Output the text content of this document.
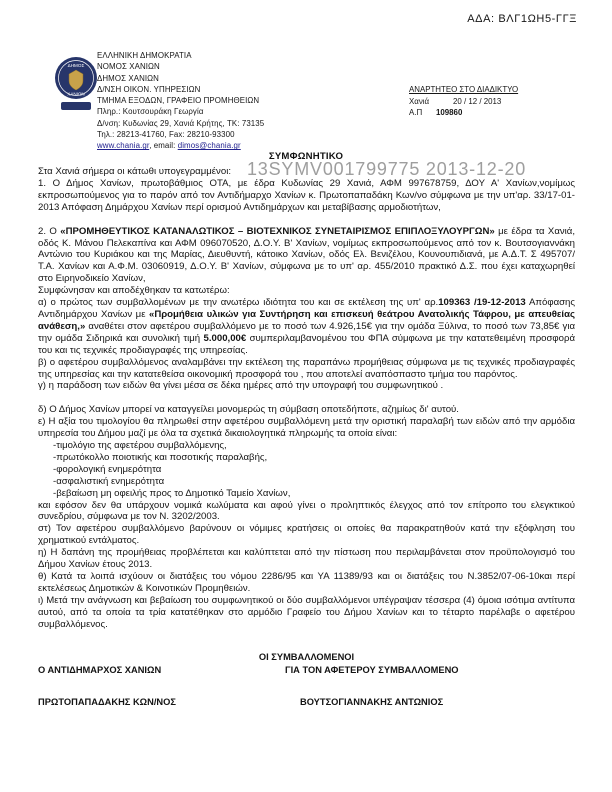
ΑΔΑ: ΒΛΓ1ΩΗ5-ΓΓΞ
ΔΗΜΟΣ
ΧΑΝΙΩΝ
ΕΛΛΗΝΙΚΗ ΔΗΜΟΚΡΑΤΙΑ
ΝΟΜΟΣ ΧΑΝΙΩΝ
ΔΗΜΟΣ ΧΑΝΙΩΝ
Δ/ΝΣΗ ΟΙΚΟΝ. ΥΠΗΡΕΣΙΩΝ
ΤΜΗΜΑ ΕΞΟΔΩΝ, ΓΡΑΦΕΙΟ ΠΡΟΜΗΘΕΙΩΝ
Πληρ.: Κουτσουράκη Γεωργία
Δ/νση: Κυδωνίας 29, Χανιά Κρήτης, ΤΚ: 73135
Τηλ.: 28213-41760, Fax: 28210-93300
www.chania.gr, email: dimos@chania.gr
ΑΝΑΡΤΗΤΕΟ ΣΤΟ ΔΙΑΔΙΚΤΥΟ
Χανιά	20 / 12 / 2013
Α.Π 109860
ΣΥΜΦΩΝΗΤΙΚΟ
13SYMV001799775 2013-12-20
Στα Χανιά σήμερα οι κάτωθι υπογεγραμμένοι:
1. Ο Δήμος Χανίων, πρωτοβάθμιος ΟΤΑ, με έδρα Κυδωνίας 29 Χανιά, ΑΦΜ 997678759, ΔΟΥ Α' Χανίων,νομίμως εκπροσωπούμενος για το παρόν από τον Αντιδήμαρχο Χανίων κ. Πρωτοπαπαδάκη Κων/νο σύμφωνα με την υπ'αρ. 33/17-01-2013 Απόφαση Δημάρχου Χανίων περί ορισμού Αντιδημάρχων και μεταβίβασης αρμοδιοτήτων,
2. Ο «ΠΡΟΜΗΘΕΥΤΙΚΟΣ ΚΑΤΑΝΑΛΩΤΙΚΟΣ – ΒΙΟΤΕΧΝΙΚΟΣ ΣΥΝΕΤΑΙΡΙΣΜΟΣ ΕΠΙΠΛΟΞΥΛΟΥΡΓΩΝ» με έδρα τα Χανιά, οδός Κ. Μάνου Πελεκαπίνα και ΑΦΜ 096070520, Δ.Ο.Υ. Β' Χανίων, νομίμως εκπροσωπούμενος από τον κ. Βουτσογιαννάκη Αντώνιο του Κυριάκου και της Μαρίας, Διευθυντή, κάτοικο Χανίων, οδός Ελ. Βενιζέλου, Κουνουπιδιανά, με Α.Δ.Τ. Σ 495707/Τ.Α. Χανίων και Α.Φ.Μ. 03060919, Δ.Ο.Υ. Β' Χανίων, σύμφωνα με το υπ' αρ. 455/2010 πρακτικό Δ.Σ. που έχει καταχωρηθεί στο Ειρηνοδικείο Χανίων,
Συμφώνησαν και αποδέχθηκαν τα κατωτέρω:
α) ο πρώτος των συμβαλλομένων με την ανωτέρω ιδιότητα του και σε εκτέλεση της υπ' αρ.109363 /19-12-2013 Απόφασης Αντιδημάρχου Χανίων με «Προμήθεια υλικών για Συντήρηση και επισκευή θεάτρου Ανατολικής Τάφρου, με απευθείας ανάθεση,» αναθέτει στον αφετέρου συμβαλλόμενο με το ποσό των 4.926,15€ για την ομάδα Ξύλινα, το ποσό των 73,85€ για την ομάδα Σιδηρικά και συνολική τιμή 5.000,00€ συμπεριλαμβανομένου του ΦΠΑ σύμφωνα με την κατατεθειμένη προσφορά του και τις τεχνικές προδιαγραφές της υπηρεσίας.
β) ο αφετέρου συμβαλλόμενος αναλαμβάνει την εκτέλεση της παραπάνω προμήθειας σύμφωνα με τις τεχνικές προδιαγραφές της υπηρεσίας και την κατατεθείσα οικονομική προσφορά του , που αποτελεί αναπόσπαστο τμήμα του παρόντος.
γ) η παράδοση των ειδών θα γίνει μέσα σε δέκα ημέρες από την υπογραφή του συμφωνητικού .
δ) Ο Δήμος Χανίων μπορεί να καταγγείλει μονομερώς τη σύμβαση οποτεδήποτε, αζημίως δι' αυτού.
ε) Η αξία του τιμολογίου θα πληρωθεί στην αφετέρου συμβαλλόμενη μετά την οριστική παραλαβή των ειδών από την αρμόδια υπηρεσία του Δήμου μαζί με όλα τα σχετικά δικαιολογητικά πληρωμής τα οποία είναι:
-τιμολόγιο της αφετέρου συμβαλλόμενης,
-πρωτόκολλο ποιοτικής και ποσοτικής παραλαβής,
-φορολογική ενημερότητα
-ασφαλιστική ενημερότητα
-βεβαίωση μη οφειλής προς το Δημοτικό Ταμείο Χανίων,
και εφόσον δεν θα υπάρχουν νομικά κωλύματα και αφού γίνει ο προληπτικός έλεγχος από τον επίτροπο του ελεγκτικού συνεδρίου, σύμφωνα με τον Ν. 3202/2003.
στ) Τον αφετέρου συμβαλλόμενο βαρύνουν οι νόμιμες κρατήσεις οι οποίες θα παρακρατηθούν κατά την εξόφληση του χρηματικού εντάλματος.
η) Η δαπάνη της προμήθειας προβλέπεται και καλύπτεται από την πίστωση που περιλαμβάνεται στον προϋπολογισμό του Δήμου Χανίων έτους 2013.
θ) Κατά τα λοιπά ισχύουν οι διατάξεις του νόμου 2286/95 και ΥΑ 11389/93 και οι διατάξεις του Ν.3852/07-06-10και περί εκτελέσεως Δημοτικών & Κοινοτικών Προμηθειών.
ι) Μετά την ανάγνωση και βεβαίωση του συμφωνητικού οι δύο συμβαλλόμενοι υπέγραψαν τέσσερα (4) όμοια ισότιμα αντίτυπα αυτού, από τα οποία τα τρία κατατέθηκαν στο αρμόδιο Γραφείο του Δήμου Χανίων και το τέταρτο παρέλαβε ο αφετέρου συμβαλλόμενος.
ΟΙ ΣΥΜΒΑΛΛΟΜΕΝΟΙ
Ο ΑΝΤΙΔΗΜΑΡΧΟΣ ΧΑΝΙΩΝ	ΓΙΑ ΤΟΝ ΑΦΕΤΕΡΟΥ ΣΥΜΒΑΛΛΟΜΕΝΟ
ΠΡΩΤΟΠΑΠΑΔΑΚΗΣ ΚΩΝ/ΝΟΣ	ΒΟΥΤΣΟΓΙΑΝΝΑΚΗΣ ΑΝΤΩΝΙΟΣ
